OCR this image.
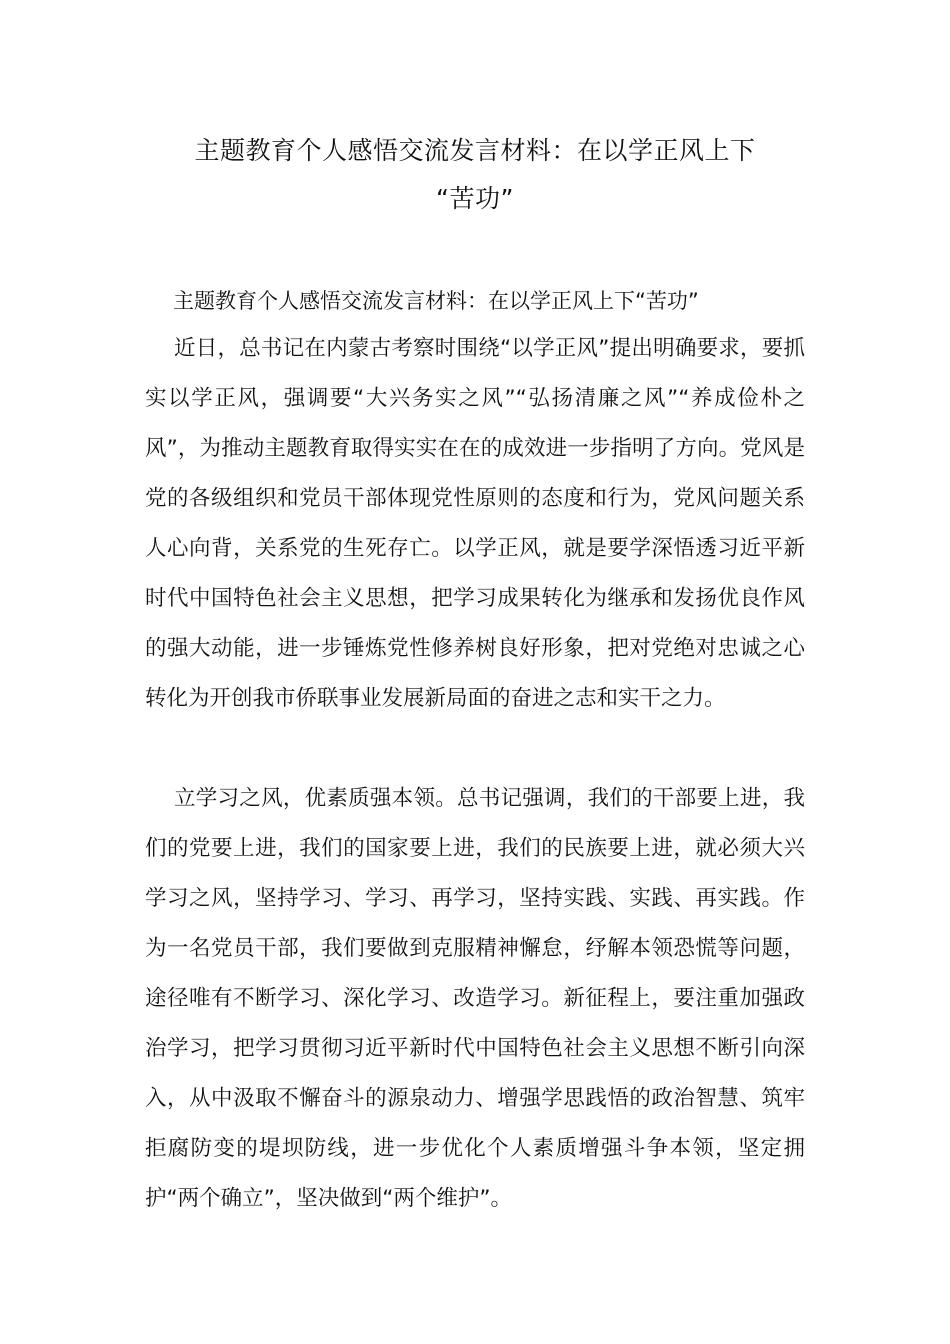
主题教育个人感悟交流发言材料：在以学正风上下
“苦功”
主题教育个人感悟交流发言材料：在以学正风上下“苦功”

近日，总书记在内蒙古考察时围绕“以学正风”提出明确要求，要抓实以学正风，强调要“大兴务实之风”“弘扬清廉之风”“养成俭朴之风”，为推动主题教育取得实实在在的成效进一步指明了方向。党风是党的各级组织和党员干部体现党性原则的态度和行为，党风问题关系人心向背，关系党的生死存亡。以学正风，就是要学深悟透习近平新时代中国特色社会主义思想，把学习成果转化为继承和发扬优良作风的强大动能，进一步锤炼党性修养树良好形象，把对党绝对忠诚之心转化为开创我市侨联事业发展新局面的奋进之志和实干之力。

立学习之风，优素质强本领。总书记强调，我们的干部要上进，我们的党要上进，我们的国家要上进，我们的民族要上进，就必须大兴学习之风，坚持学习、学习、再学习，坚持实践、实践、再实践。作为一名党员干部，我们要做到克服精神懈怠，纾解本领恐慌等问题，途径唯有不断学习、深化学习、改造学习。新征程上，要注重加强政治学习，把学习贯彻习近平新时代中国特色社会主义思想不断引向深入，从中汲取不懈奋斗的源泉动力、增强学思践悟的政治智慧、筑牢拒腐防变的堤坝防线，进一步优化个人素质增强斗争本领，坚定拥护“两个确立”，坚决做到“两个维护”。
